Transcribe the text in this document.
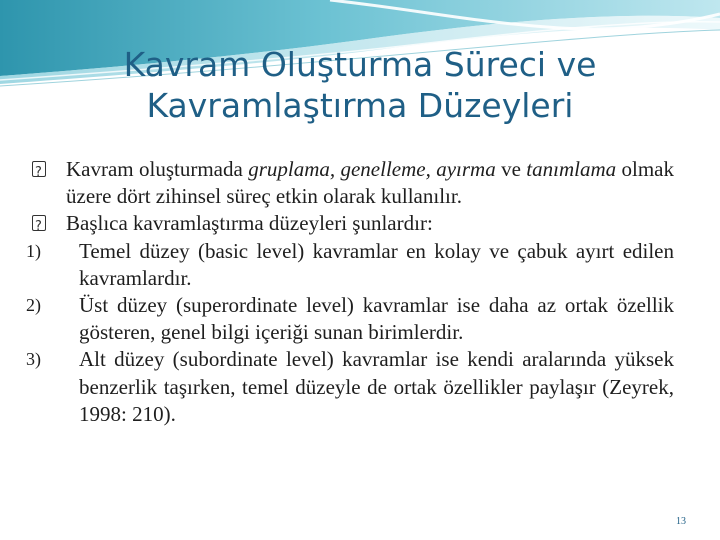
Kavram Oluşturma Süreci ve
Kavramlaştırma Düzeyleri
?
Kavram oluşturmada gruplama, genelleme, ayırma ve tanımlama olmak üzere dört zihinsel süreç etkin olarak kullanılır.
?
Başlıca kavramlaştırma düzeyleri şunlardır:
1) Temel düzey (basic level) kavramlar en kolay ve çabuk ayırt edilen kavramlardır.
2) Üst düzey (superordinate level) kavramlar ise daha az ortak özellik gösteren, genel bilgi içeriği sunan birimlerdir.
3) Alt düzey (subordinate level) kavramlar ise kendi aralarında yüksek benzerlik taşırken, temel düzeyle de ortak özellikler paylaşır (Zeyrek, 1998: 210).
13
